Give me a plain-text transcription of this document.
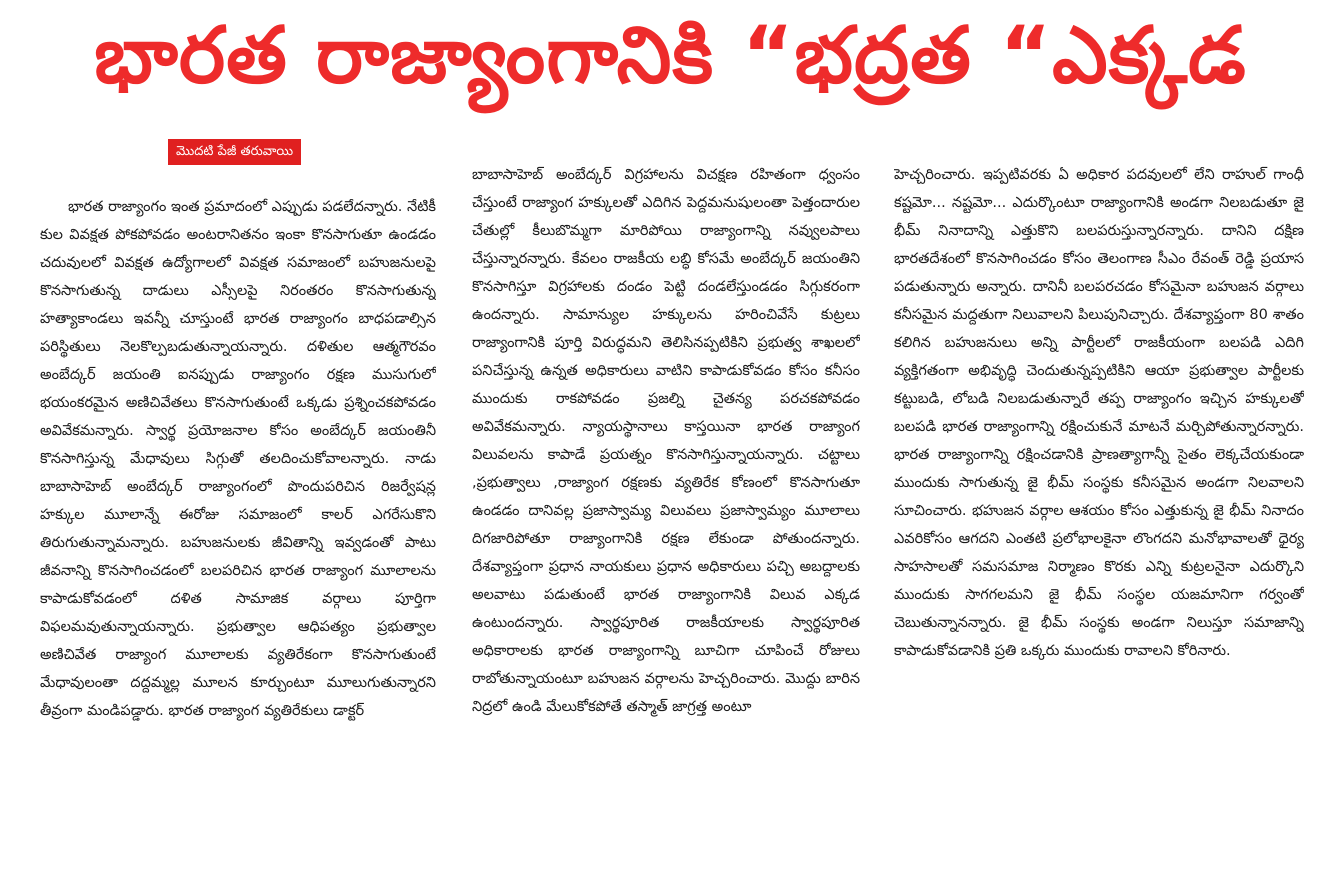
భారత రాజ్యాంగానికి “భద్రత “ఎక్కడ
మొదటి పేజీ తరువాయి

భారత రాజ్యాంగం ఇంత ప్రమాదంలో ఎప్పుడు పడలేదన్నారు. నేటికీ కుల వివక్షత పోకపోవడం అంటరానితనం ఇంకా కొనసాగుతూ ఉండడం చదువులలో వివక్షత ఉద్యోగాలలో వివక్షత సమాజంలో బహుజనులపై కొనసాగుతున్న దాడులు ఎస్సీలపై నిరంతరం కొనసాగుతున్న హత్యాకాండలు ఇవన్నీ చూస్తుంటే భారత రాజ్యాంగం బాధపడాల్సిన పరిస్థితులు నెలకొల్పబడుతున్నాయన్నారు. దళితుల ఆత్మగౌరవం అంబేద్కర్ జయంతి ఐనప్పుడు రాజ్యాంగం రక్షణ ముసుగులో భయంకరమైన అణిచివేతలు కొనసాగుతుంటే ఒక్కడు ప్రశ్నించకపోవడం అవివేకమన్నారు. స్వార్థ ప్రయోజనాల కోసం అంబేద్కర్ జయంతినీ కొనసాగిస్తున్న మేధావులు సిగ్గుతో తలదించుకోవాలన్నారు. నాడు బాబాసాహెబ్ అంబేద్కర్ రాజ్యాంగంలో పొందుపరిచిన రిజర్వేషన్ల హక్కుల మూలాన్నే ఈరోజు సమాజంలో కాలర్ ఎగరేసుకొని తిరుగుతున్నామన్నారు. బహుజనులకు జీవితాన్ని ఇవ్వడంతో పాటు జీవనాన్ని కొనసాగించడంలో బలపరిచిన భారత రాజ్యాంగ మూలాలను కాపాడుకోవడంలో దళిత సామాజిక వర్గాలు పూర్తిగా విఫలమవుతున్నాయన్నారు. ప్రభుత్వాల ఆధిపత్యం ప్రభుత్వాల అణిచివేత రాజ్యాంగ మూలాలకు వ్యతిరేకంగా కొనసాగుతుంటే మేధావులంతా దద్దమ్మల్ల మూలన కూర్చుంటూ మూలుగుతున్నారని తీవ్రంగా మండిపడ్డారు. భారత రాజ్యాంగ వ్యతిరేకులు డాక్టర్

బాబాసాహెబ్ అంబేద్కర్ విగ్రహాలను విచక్షణ రహితంగా ధ్వంసం చేస్తుంటే రాజ్యాంగ హక్కులతో ఎదిగిన పెద్దమనుషులంతా పెత్తందారుల చేతుల్లో కీలుబొమ్మగా మారిపోయి రాజ్యాంగాన్ని నవ్వులపాలు చేస్తున్నారన్నారు. కేవలం రాజకీయ లబ్ధి కోసమే అంబేద్కర్ జయంతిని కొనసాగిస్తూ విగ్రహాలకు దండం పెట్టి దండలేస్తుండడం సిగ్గుకరంగా ఉందన్నారు. సామాన్యుల హక్కులను హరించివేసే కుట్రలు రాజ్యాంగానికి పూర్తి విరుద్ధమని తెలిసినప్పటికిని ప్రభుత్వ శాఖలలో పనిచేస్తున్న ఉన్నత అధికారులు వాటిని కాపాడుకోవడం కోసం కనీసం ముందుకు రాకపోవడం ప్రజల్ని చైతన్య పరచకపోవడం అవివేకమన్నారు. న్యాయస్థానాలు కాస్తయినా భారత రాజ్యాంగ విలువలను కాపాడే ప్రయత్నం కొనసాగిస్తున్నాయన్నారు. చట్టాలు ,ప్రభుత్వాలు ,రాజ్యాంగ రక్షణకు వ్యతిరేక కోణంలో కొనసాగుతూ ఉండడం దానివల్ల ప్రజాస్వామ్య విలువలు ప్రజాస్వామ్యం మూలాలు దిగజారిపోతూ రాజ్యాంగానికి రక్షణ లేకుండా పోతుందన్నారు. దేశవ్యాప్తంగా ప్రధాన నాయకులు ప్రధాన అధికారులు పచ్చి అబద్దాలకు అలవాటు పడుతుంటే భారత రాజ్యాంగానికి విలువ ఎక్కడ ఉంటుందన్నారు. స్వార్థపూరిత రాజకీయాలకు స్వార్థపూరిత అధికారాలకు భారత రాజ్యాంగాన్ని బూచిగా చూపించే రోజులు రాబోతున్నాయంటూ బహుజన వర్గాలను హెచ్చరించారు. మొద్దు బారిన నిద్రలో ఉండి మేలుకోకపోతే తస్మాత్ జాగ్రత్త అంటూ

హెచ్చరించారు. ఇప్పటివరకు ఏ అధికార పదవులలో లేని రాహుల్ గాంధీ కష్టమో... నష్టమో... ఎదుర్కొంటూ రాజ్యాంగానికి అండగా నిలబడుతూ జై భీమ్ నినాదాన్ని ఎత్తుకొని బలపరుస్తున్నారన్నారు. దానిని దక్షిణ భారతదేశంలో కొనసాగించడం కోసం తెలంగాణ సీఎం రేవంత్ రెడ్డి ప్రయాస పడుతున్నారు అన్నారు. దానినీ బలపరచడం కోసమైనా బహుజన వర్గాలు కనీసమైన మద్దతుగా నిలువాలని పిలుపునిచ్చారు. దేశవ్యాప్తంగా 80 శాతం కలిగిన బహుజనులు అన్ని పార్టీలలో రాజకీయంగా బలపడి ఎదిగి వ్యక్తిగతంగా అభివృద్ధి చెందుతున్నప్పటికిని ఆయా ప్రభుత్వాల పార్టీలకు కట్టుబడి, లోబడి నిలబడుతున్నారే తప్ప రాజ్యాంగం ఇచ్చిన హక్కులతో బలపడి భారత రాజ్యాంగాన్ని రక్షించుకునే మాటనే మర్చిపోతున్నారన్నారు. భారత రాజ్యాంగాన్ని రక్షించడానికి ప్రాణత్యాగాన్నీ సైతం లెక్కచేయకుండా ముందుకు సాగుతున్న జై భీమ్ సంస్థకు కనీసమైన అండగా నిలవాలని సూచించారు. భహుజన వర్గాల ఆశయం కోసం ఎత్తుకున్న జై భీమ్ నినాదం ఎవరికోసం ఆగదని ఎంతటి ప్రలోభాలకైనా లొంగదని మనోభావాలతో ధైర్య సాహసాలతో సమసమాజ నిర్మాణం కొరకు ఎన్ని కుట్రలనైనా ఎదుర్కొని ముందుకు సాగగలమని జై భీమ్ సంస్థల యజమానిగా గర్వంతో చెబుతున్నానన్నారు. జై భీమ్ సంస్థకు అండగా నిలుస్తూ సమాజాన్ని కాపాడుకోవడానికి ప్రతి ఒక్కరు ముందుకు రావాలని కోరినారు.
